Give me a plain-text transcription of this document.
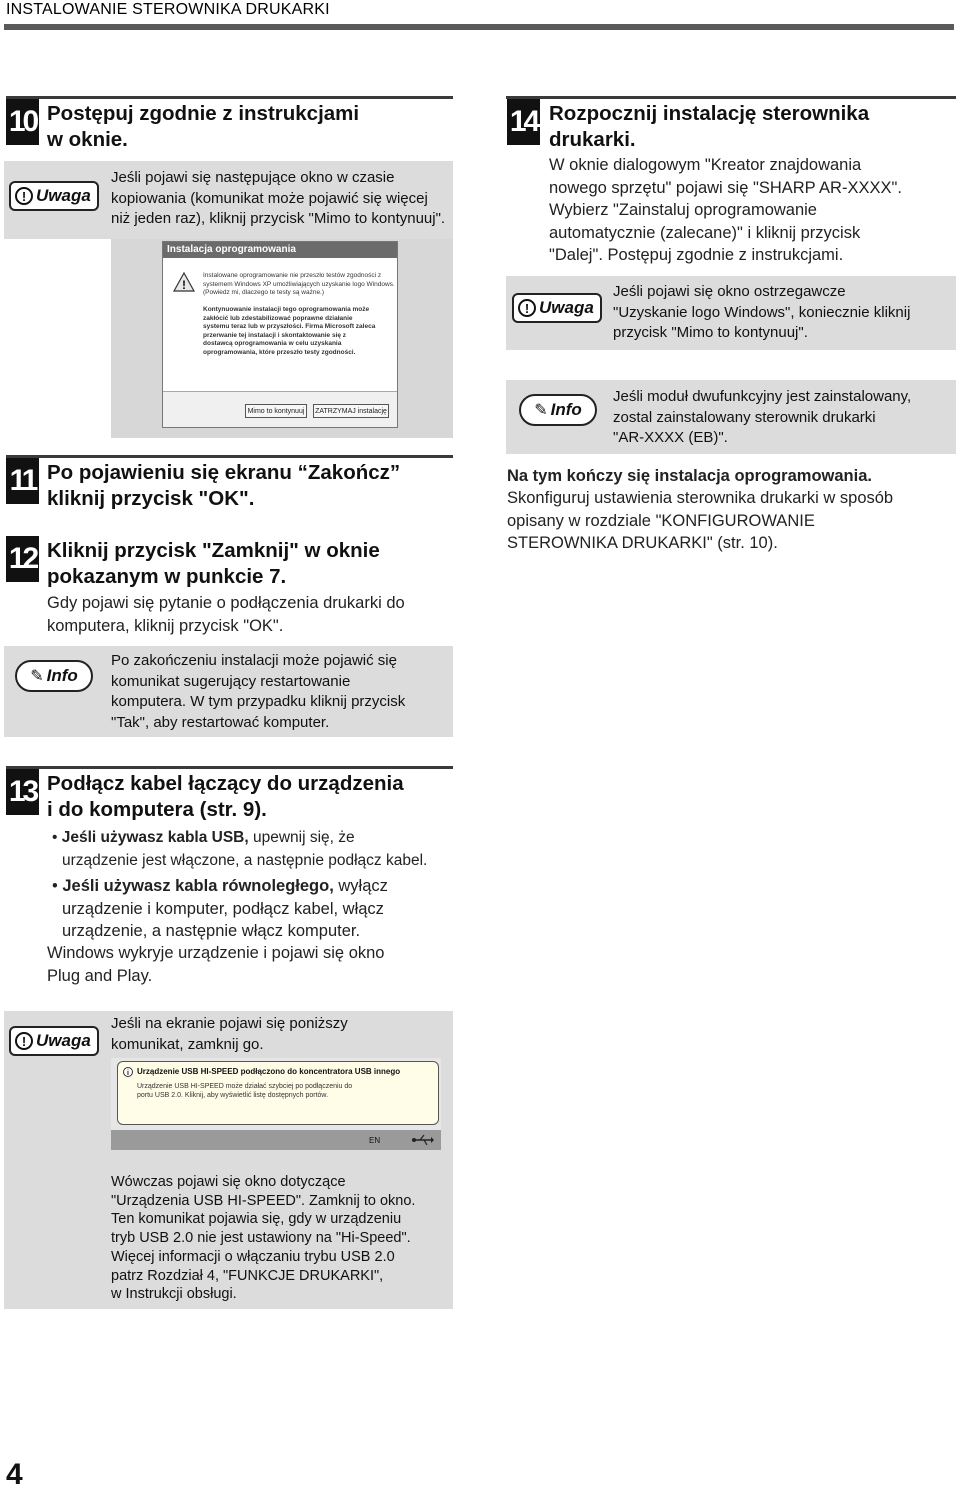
INSTALOWANIE STEROWNIKA DRUKARKI
10 Postępuj zgodnie z instrukcjami
w oknie.
! Uwaga
Jeśli pojawi się następujące okno w czasie
kopiowania (komunikat może pojawić się więcej
niż jeden raz), kliknij przycisk "Mimo to kontynuuj".
Instalacja oprogramowania
!
Instalowane oprogramowanie nie przeszło testów zgodności z
systemem Windows XP umożliwiających uzyskanie logo Windows.
(Powiedz mi, dlaczego te testy są ważne.)
Kontynuowanie instalacji tego oprogramowania może
zakłócić lub zdestabilizować poprawne działanie
systemu teraz lub w przyszłości. Firma Microsoft zaleca
przerwanie tej instalacji i skontaktowanie się z
dostawcą oprogramowania w celu uzyskania
oprogramowania, które przeszło testy zgodności.
Mimo to kontynuuj	ZATRZYMAJ instalację
11 Po pojawieniu się ekranu “Zakończ”
kliknij przycisk "OK".
12 Kliknij przycisk "Zamknij" w oknie
pokazanym w punkcie 7.
Gdy pojawi się pytanie o podłączenia drukarki do
komputera, kliknij przycisk "OK".
✎ Info
Po zakończeniu instalacji może pojawić się
komunikat sugerujący restartowanie
komputera. W tym przypadku kliknij przycisk
"Tak", aby restartować komputer.
13 Podłącz kabel łączący do urządzenia
i do komputera (str. 9).
• Jeśli używasz kabla USB, upewnij się, że
urządzenie jest włączone, a następnie podłącz kabel.
• Jeśli używasz kabla równoległego, wyłącz
urządzenie i komputer, podłącz kabel, włącz
urządzenie, a następnie włącz komputer.
Windows wykryje urządzenie i pojawi się okno
Plug and Play.
! Uwaga
Jeśli na ekranie pojawi się poniższy
komunikat, zamknij go.
i Urządzenie USB HI-SPEED podłączono do koncentratora USB innego
Urządzenie USB HI-SPEED może działać szybciej po podłączeniu do
portu USB 2.0. Kliknij, aby wyświetlić listę dostępnych portów.
EN
Wówczas pojawi się okno dotyczące
"Urządzenia USB HI-SPEED". Zamknij to okno.
Ten komunikat pojawia się, gdy w urządzeniu
tryb USB 2.0 nie jest ustawiony na "Hi-Speed".
Więcej informacji o włączaniu trybu USB 2.0
patrz Rozdział 4, "FUNKCJE DRUKARKI",
w Instrukcji obsługi.
14 Rozpocznij instalację sterownika
drukarki.
W oknie dialogowym "Kreator znajdowania
nowego sprzętu" pojawi się "SHARP AR-XXXX".
Wybierz "Zainstaluj oprogramowanie
automatycznie (zalecane)" i kliknij przycisk
"Dalej". Postępuj zgodnie z instrukcjami.
! Uwaga
Jeśli pojawi się okno ostrzegawcze
"Uzyskanie logo Windows", koniecznie kliknij
przycisk "Mimo to kontynuuj".
✎ Info
Jeśli moduł dwufunkcyjny jest zainstalowany,
zostal zainstalowany sterownik drukarki
"AR-XXXX (EB)".
Na tym kończy się instalacja oprogramowania.
Skonfiguruj ustawienia sterownika drukarki w sposób
opisany w rozdziale "KONFIGUROWANIE
STEROWNIKA DRUKARKI" (str. 10).
4
